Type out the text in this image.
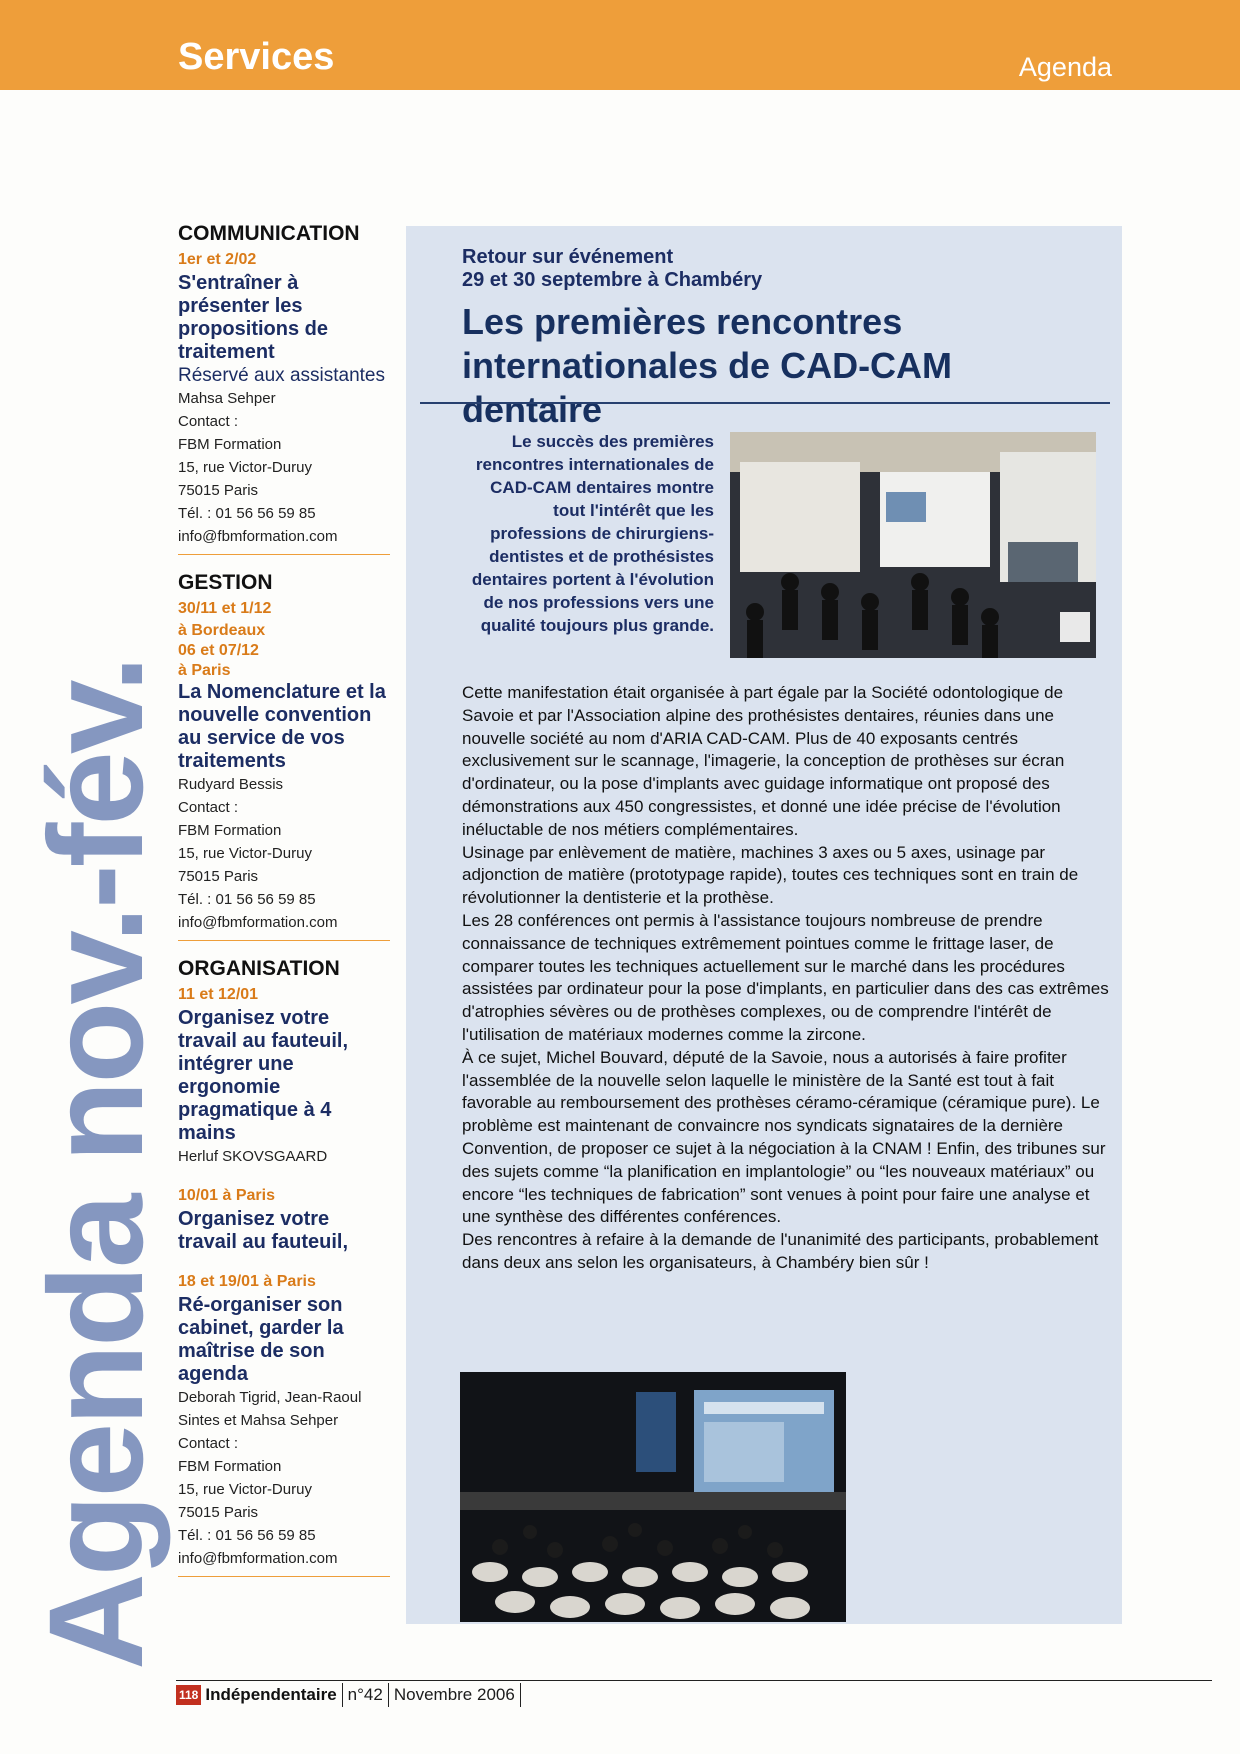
Services	Agenda
Agenda nov.-fév.
COMMUNICATION
1er et 2/02
S'entraîner à présenter les propositions de traitement
Réservé aux assistantes
Mahsa Sehper
Contact :
FBM Formation
15, rue Victor-Duruy
75015 Paris
Tél. : 01 56 56 59 85
info@fbmformation.com
GESTION
30/11 et 1/12
à Bordeaux
06 et 07/12
à Paris
La Nomenclature et la nouvelle convention au service de vos traitements
Rudyard Bessis
Contact :
FBM Formation
15, rue Victor-Duruy
75015 Paris
Tél. : 01 56 56 59 85
info@fbmformation.com
ORGANISATION
11 et 12/01
Organisez votre travail au fauteuil, intégrer une ergonomie pragmatique à 4 mains
Herluf SKOVSGAARD
10/01 à Paris
Organisez votre travail au fauteuil,
18 et 19/01 à Paris
Ré-organiser son cabinet, garder la maîtrise de son agenda
Deborah Tigrid, Jean-Raoul Sintes et Mahsa Sehper
Contact :
FBM Formation
15, rue Victor-Duruy
75015 Paris
Tél. : 01 56 56 59 85
info@fbmformation.com
Retour sur événement
29 et 30 septembre à Chambéry
Les premières rencontres internationales de CAD-CAM dentaire
Le succès des premières rencontres internationales de CAD-CAM dentaires montre tout l'intérêt que les professions de chirurgiens-dentistes et de prothésistes dentaires portent à l'évolution de nos professions vers une qualité toujours plus grande.

Cette manifestation était organisée à part égale par la Société odontologique de Savoie et par l'Association alpine des prothésistes dentaires, réunies dans une nouvelle société au nom d'ARIA CAD-CAM. Plus de 40 exposants centrés exclusivement sur le scannage, l'imagerie, la conception de prothèses sur écran d'ordinateur, ou la pose d'implants avec guidage informatique ont proposé des démonstrations aux 450 congressistes, et donné une idée précise de l'évolution inéluctable de nos métiers complémentaires.

Usinage par enlèvement de matière, machines 3 axes ou 5 axes, usinage par adjonction de matière (prototypage rapide), toutes ces techniques sont en train de révolutionner la dentisterie et la prothèse.

Les 28 conférences ont permis à l'assistance toujours nombreuse de prendre connaissance de techniques extrêmement pointues comme le frittage laser, de comparer toutes les techniques actuellement sur le marché dans les procédures assistées par ordinateur pour la pose d'implants, en particulier dans des cas extrêmes d'atrophies sévères ou de prothèses complexes, ou de comprendre l'intérêt de l'utilisation de matériaux modernes comme la zircone.

À ce sujet, Michel Bouvard, député de la Savoie, nous a autorisés à faire profiter l'assemblée de la nouvelle selon laquelle le ministère de la Santé est tout à fait favorable au remboursement des prothèses céramo-céramique (céramique pure). Le problème est maintenant de convaincre nos syndicats signataires de la dernière Convention, de proposer ce sujet à la négociation à la CNAM ! Enfin, des tribunes sur des sujets comme “la planification en implantologie” ou “les nouveaux matériaux” ou encore “les techniques de fabrication” sont venues à point pour faire une analyse et une synthèse des différentes conférences.

Des rencontres à refaire à la demande de l'unanimité des participants, probablement dans deux ans selon les organisateurs, à Chambéry bien sûr !

118 Indépendentaire n°42 Novembre 2006
